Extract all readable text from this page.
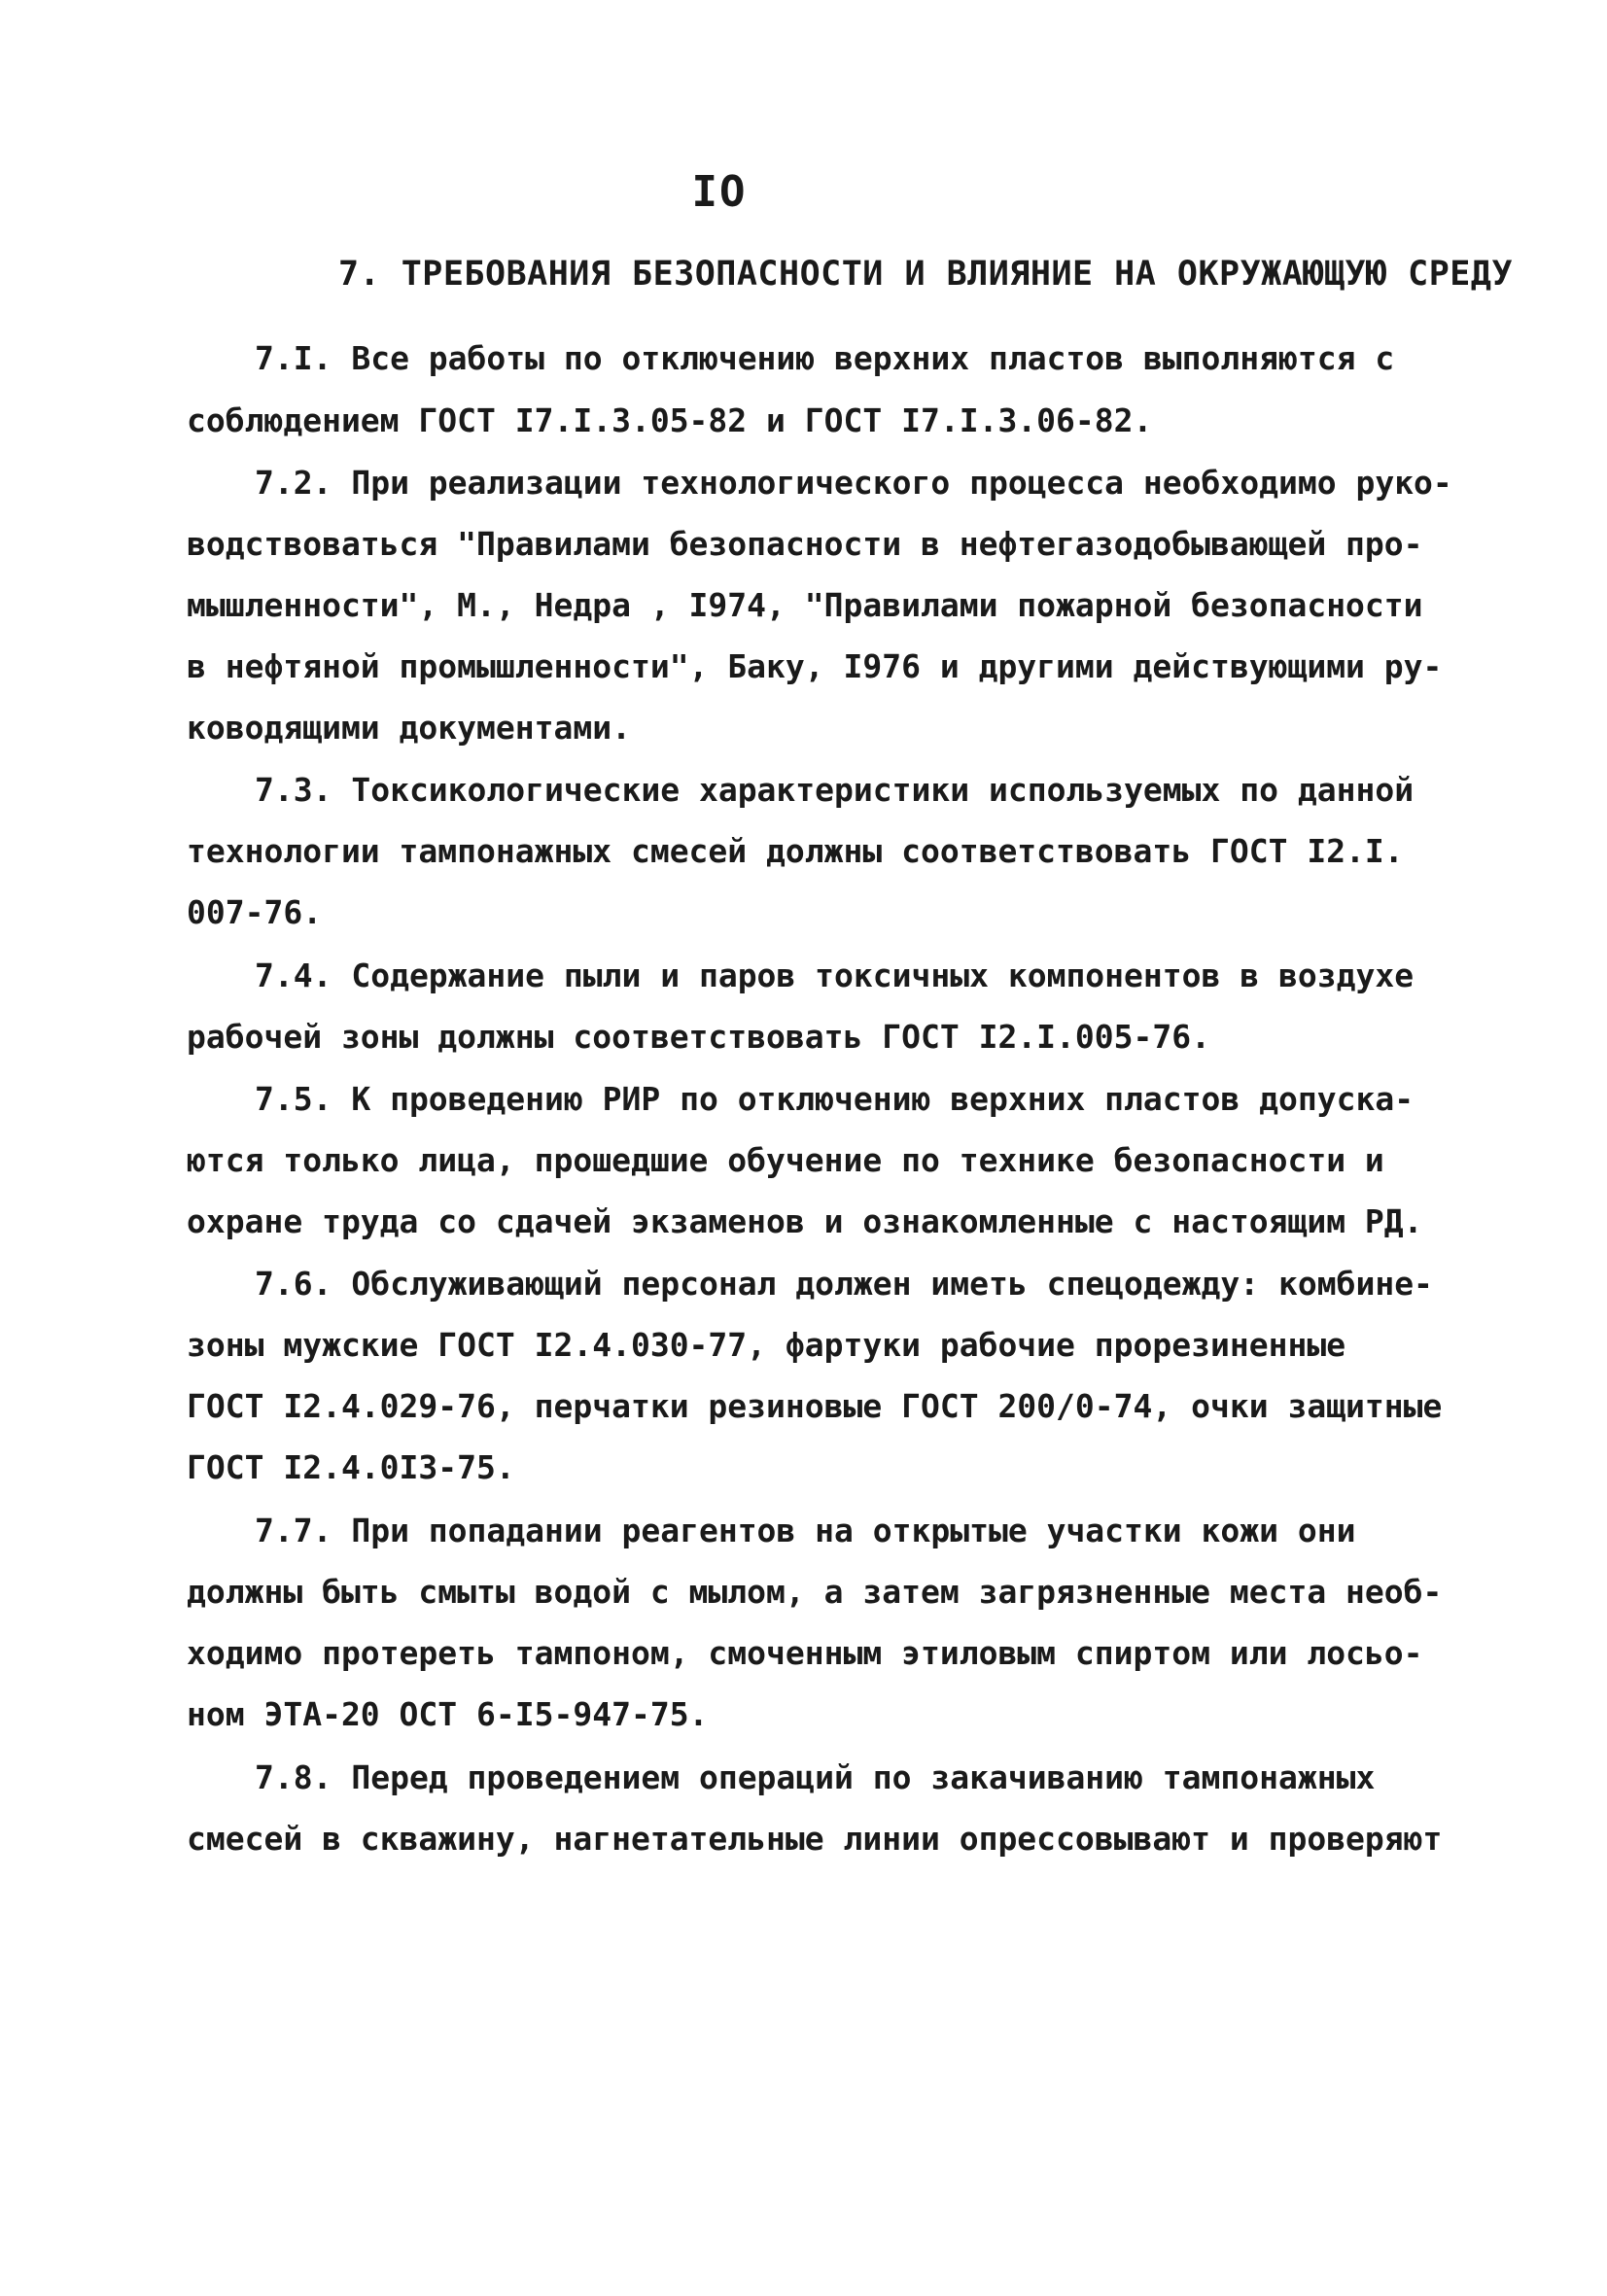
IO
7. ТРЕБОВАНИЯ БЕЗОПАСНОСТИ И ВЛИЯНИЕ НА ОКРУЖАЮЩУЮ СРЕДУ
7.I. Все работы по отключению верхних пластов выполняются с
соблюдением ГОСТ I7.I.3.05-82 и ГОСТ I7.I.3.06-82.
7.2. При реализации технологического процесса необходимо руко-
водствоваться "Правилами безопасности в нефтегазодобывающей про-
мышленности", М., Недра , I974, "Правилами пожарной безопасности
в нефтяной промышленности", Баку, I976 и другими действующими ру-
ководящими документами.
7.3. Токсикологические характеристики используемых по данной
технологии тампонажных смесей должны соответствовать ГОСТ I2.I.
007-76.
7.4. Содержание пыли и паров токсичных компонентов в воздухе
рабочей зоны должны соответствовать ГОСТ I2.I.005-76.
7.5. К проведению РИР по отключению верхних пластов допуска-
ются только лица, прошедшие обучение по технике безопасности и
охране труда со сдачей экзаменов и ознакомленные с настоящим РД.
7.6. Обслуживающий персонал должен иметь спецодежду: комбине-
зоны мужские ГОСТ I2.4.030-77, фартуки рабочие прорезиненные
ГОСТ I2.4.029-76, перчатки резиновые ГОСТ 200/0-74, очки защитные
ГОСТ I2.4.0I3-75.
7.7. При попадании реагентов на открытые участки кожи они
должны быть смыты водой с мылом, а затем загрязненные места необ-
ходимо протереть тампоном, смоченным этиловым спиртом или лосьо-
ном ЭТА-20 ОСТ 6-I5-947-75.
7.8. Перед проведением операций по закачиванию тампонажных
смесей в скважину, нагнетательные линии опрессовывают и проверяют
